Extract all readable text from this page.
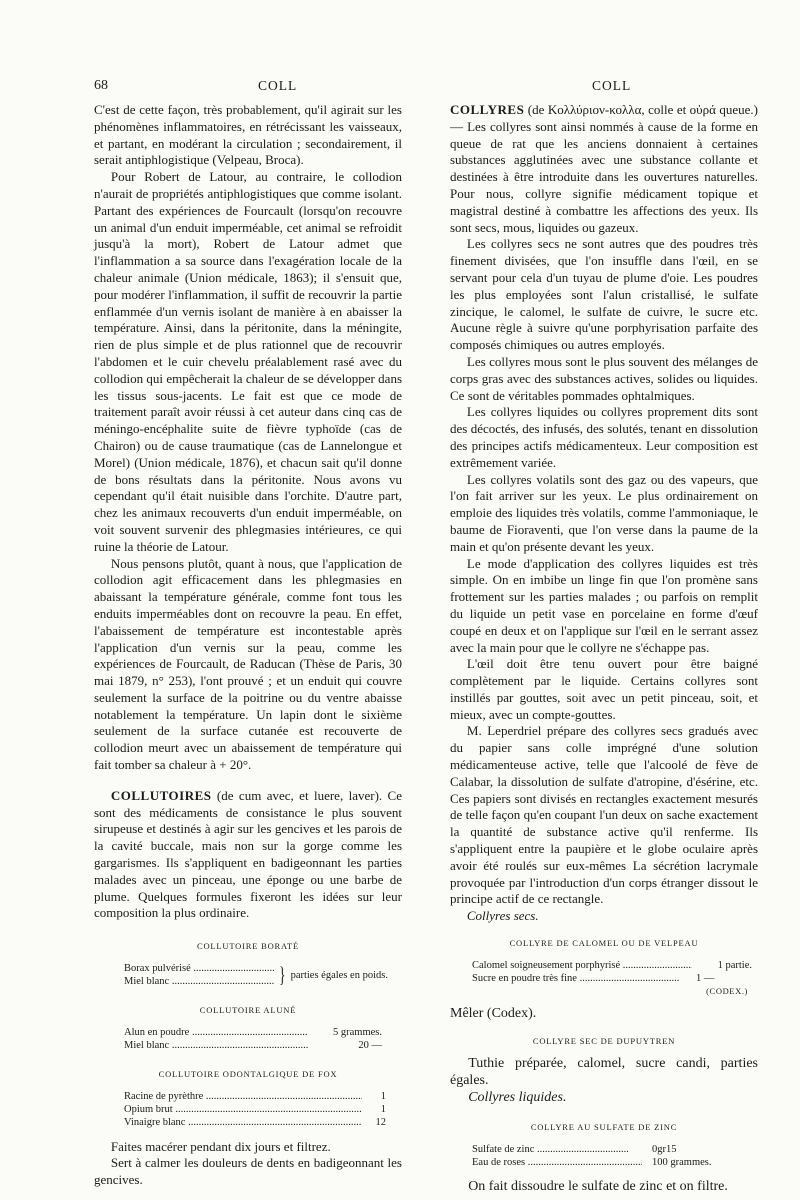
68	COLL	COLL

C'est de cette façon, très probablement, qu'il agirait sur les phénomènes inflammatoires, en rétrécissant les vaisseaux, et partant, en modérant la circulation ; secondairement, il serait antiphlogistique (Velpeau, Broca).

Pour Robert de Latour, au contraire, le collodion n'aurait de propriétés antiphlogistiques que comme isolant. Partant des expériences de Fourcault (lorsqu'on recouvre un animal d'un enduit imperméable, cet animal se refroidit jusqu'à la mort), Robert de Latour admet que l'inflammation a sa source dans l'exagération locale de la chaleur animale (Union médicale, 1863); il s'ensuit que, pour modérer l'inflammation, il suffit de recouvrir la partie enflammée d'un vernis isolant de manière à en abaisser la température. Ainsi, dans la péritonite, dans la méningite, rien de plus simple et de plus rationnel que de recouvrir l'abdomen et le cuir chevelu préalablement rasé avec du collodion qui empêcherait la chaleur de se développer dans les tissus sous-jacents. Le fait est que ce mode de traitement paraît avoir réussi à cet auteur dans cinq cas de méningo-encéphalite suite de fièvre typhoïde (cas de Chairon) ou de cause traumatique (cas de Lannelongue et Morel) (Union médicale, 1876), et chacun sait qu'il donne de bons résultats dans la péritonite. Nous avons vu cependant qu'il était nuisible dans l'orchite. D'autre part, chez les animaux recouverts d'un enduit imperméable, on voit souvent survenir des phlegmasies intérieures, ce qui ruine la théorie de Latour.

Nous pensons plutôt, quant à nous, que l'application de collodion agit efficacement dans les phlegmasies en abaissant la température générale, comme font tous les enduits imperméables dont on recouvre la peau. En effet, l'abaissement de température est incontestable après l'application d'un vernis sur la peau, comme les expériences de Fourcault, de Raducan (Thèse de Paris, 30 mai 1879, n° 253), l'ont prouvé ; et un enduit qui couvre seulement la surface de la poitrine ou du ventre abaisse notablement la température. Un lapin dont le sixième seulement de la surface cutanée est recouverte de collodion meurt avec un abaissement de température qui fait tomber sa chaleur à + 20°.

COLLUTOIRES (de cum avec, et luere, laver). Ce sont des médicaments de consistance le plus souvent sirupeuse et destinés à agir sur les gencives et les parois de la cavité buccale, mais non sur la gorge comme les gargarismes. Ils s'appliquent en badigeonnant les parties malades avec un pinceau, une éponge ou une barbe de plume. Quelques formules fixeront les idées sur leur composition la plus ordinaire.

COLLUTOIRE BORATÉ
Borax pulvérisé .....
Miel blanc .....	} parties égales en poids.
COLLUTOIRE ALUNÉ
Alun en poudre .....	5 grammes.
Miel blanc .....	20 —
COLLUTOIRE ODONTALGIQUE DE FOX
Racine de pyrèthre .....	1
Opium brut .....	1
Vinaigre blanc .....	12

Faites macérer pendant dix jours et filtrez.

Sert à calmer les douleurs de dents en badigeonnant les gencives.

COLLYRES (de Κολλύριον-κολλα, colle et οὐρά queue.) — Les collyres sont ainsi nommés à cause de la forme en queue de rat que les anciens donnaient à certaines substances agglutinées avec une substance collante et destinées à être introduite dans les ouvertures naturelles. Pour nous, collyre signifie médicament topique et magistral destiné à combattre les affections des yeux. Ils sont secs, mous, liquides ou gazeux.

Les collyres secs ne sont autres que des poudres très finement divisées, que l'on insuffle dans l'œil, en se servant pour cela d'un tuyau de plume d'oie. Les poudres les plus employées sont l'alun cristallisé, le sulfate zincique, le calomel, le sulfate de cuivre, le sucre etc. Aucune règle à suivre qu'une porphyrisation parfaite des composés chimiques ou autres employés.

Les collyres mous sont le plus souvent des mélanges de corps gras avec des substances actives, solides ou liquides. Ce sont de véritables pommades ophtalmiques.

Les collyres liquides ou collyres proprement dits sont des décoctés, des infusés, des solutés, tenant en dissolution des principes actifs médicamenteux. Leur composition est extrêmement variée.

Les collyres volatils sont des gaz ou des vapeurs, que l'on fait arriver sur les yeux. Le plus ordinairement on emploie des liquides très volatils, comme l'ammoniaque, le baume de Fioraventi, que l'on verse dans la paume de la main et qu'on présente devant les yeux.

Le mode d'application des collyres liquides est très simple. On en imbibe un linge fin que l'on promène sans frottement sur les parties malades ; ou parfois on remplit du liquide un petit vase en porcelaine en forme d'œuf coupé en deux et on l'applique sur l'œil en le serrant assez avec la main pour que le collyre ne s'échappe pas.

L'œil doit être tenu ouvert pour être baigné complètement par le liquide. Certains collyres sont instillés par gouttes, soit avec un petit pinceau, soit, et mieux, avec un compte-gouttes.

M. Leperdriel prépare des collyres secs gradués avec du papier sans colle imprégné d'une solution médicamenteuse active, telle que l'alcoolé de fève de Calabar, la dissolution de sulfate d'atropine, d'ésérine, etc. Ces papiers sont divisés en rectangles exactement mesurés de telle façon qu'en coupant l'un deux on sache exactement la quantité de substance active qu'il renferme. Ils s'appliquent entre la paupière et le globe oculaire après avoir été roulés sur eux-mêmes La sécrétion lacrymale provoquée par l'introduction d'un corps étranger dissout le principe actif de ce rectangle.

Collyres secs.

COLLYRE DE CALOMEL OU DE VELPEAU
Calomel soigneusement porphyrisé .....	1 partie.
Sucre en poudre très fine .....	1 —
(CODEX.)

Mêler (Codex).

COLLYRE SEC DE DUPUYTREN

Tuthie préparée, calomel, sucre candi, parties égales.

Collyres liquides.

COLLYRE AU SULFATE DE ZINC
Sulfate de zinc .....	0gr15
Eau de roses .....	100 grammes.

On fait dissoudre le sulfate de zinc et on filtre.
